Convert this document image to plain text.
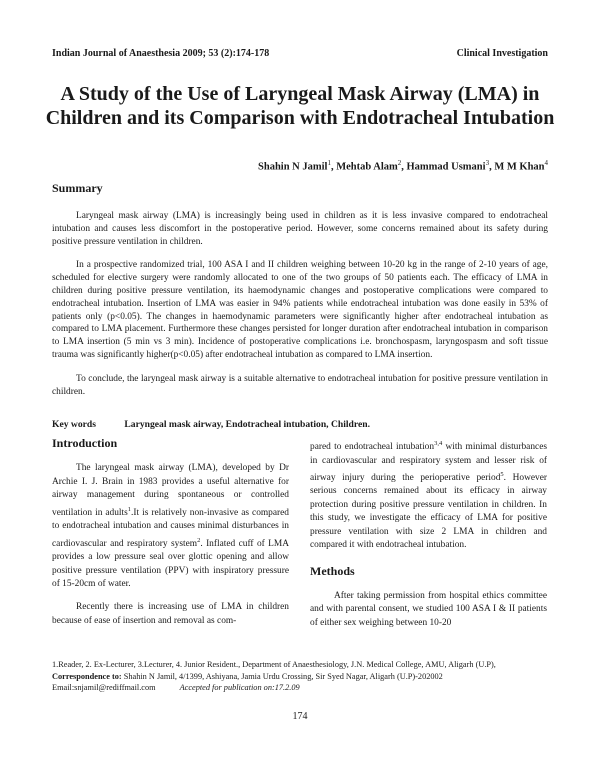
Indian Journal of Anaesthesia 2009; 53 (2):174-178	Clinical Investigation
A Study of the Use of Laryngeal Mask Airway (LMA) in Children and its Comparison with Endotracheal Intubation
Shahin N Jamil$^1$, Mehtab Alam$^2$, Hammad Usmani$^3$, M M Khan$^4$
Summary

Laryngeal mask airway (LMA) is increasingly being used in children as it is less invasive compared to endotracheal intubation and causes less discomfort in the postoperative period. However, some concerns remained about its safety during positive pressure ventilation in children.

In a prospective randomized trial, 100 ASA I and II children weighing between 10-20 kg in the range of 2-10 years of age, scheduled for elective surgery were randomly allocated to one of the two groups of 50 patients each. The efficacy of LMA in children during positive pressure ventilation, its haemodynamic changes and postoperative complications were compared to endotracheal intubation. Insertion of LMA was easier in 94% patients while endotracheal intubation was done easily in 53% of patients only (p<0.05). The changes in haemodynamic parameters were significantly higher after endotracheal intubation as compared to LMA placement. Furthermore these changes persisted for longer duration after endotracheal intubation in comparison to LMA insertion (5 min vs 3 min). Incidence of postoperative complications i.e. bronchospasm, laryngospasm and soft tissue trauma was significantly higher(p<0.05) after endotracheal intubation as compared to LMA insertion.

To conclude, the laryngeal mask airway is a suitable alternative to endotracheal intubation for positive pressure ventilation in children.

Key words	Laryngeal mask airway, Endotracheal intubation, Children.
Introduction

The laryngeal mask airway (LMA), developed by Dr Archie I. J. Brain in 1983 provides a useful alternative for airway management during spontaneous or controlled ventilation in adults$^1$.It is relatively non-invasive as compared to endotracheal intubation and causes minimal disturbances in cardiovascular and respiratory system$^2$. Inflated cuff of LMA provides a low pressure seal over glottic opening and allow positive pressure ventilation (PPV) with inspiratory pressure of 15-20cm of water.

Recently there is increasing use of LMA in children because of ease of insertion and removal as com-

pared to endotracheal intubation$^{3,4}$ with minimal disturbances in cardiovascular and respiratory system and lesser risk of airway injury during the perioperative period$^5$. However serious concerns remained about its efficacy in airway protection during positive pressure ventilation in children. In this study, we investigate the efficacy of LMA for positive pressure ventilation with size 2 LMA in children and compared it with endotracheal intubation.

Methods

After taking permission from hospital ethics committee and with parental consent, we studied 100 ASA I & II patients of either sex weighing between 10-20

1.Reader, 2. Ex-Lecturer, 3.Lecturer, 4. Junior Resident., Department of Anaesthesiology, J.N. Medical College, AMU, Aligarh (U.P),
Correspondence to: Shahin N Jamil, 4/1399, Ashiyana, Jamia Urdu Crossing, Sir Syed Nagar, Aligarh (U.P)-202002
Email:snjamil@rediffmail.com	Accepted for publication on:17.2.09
174
